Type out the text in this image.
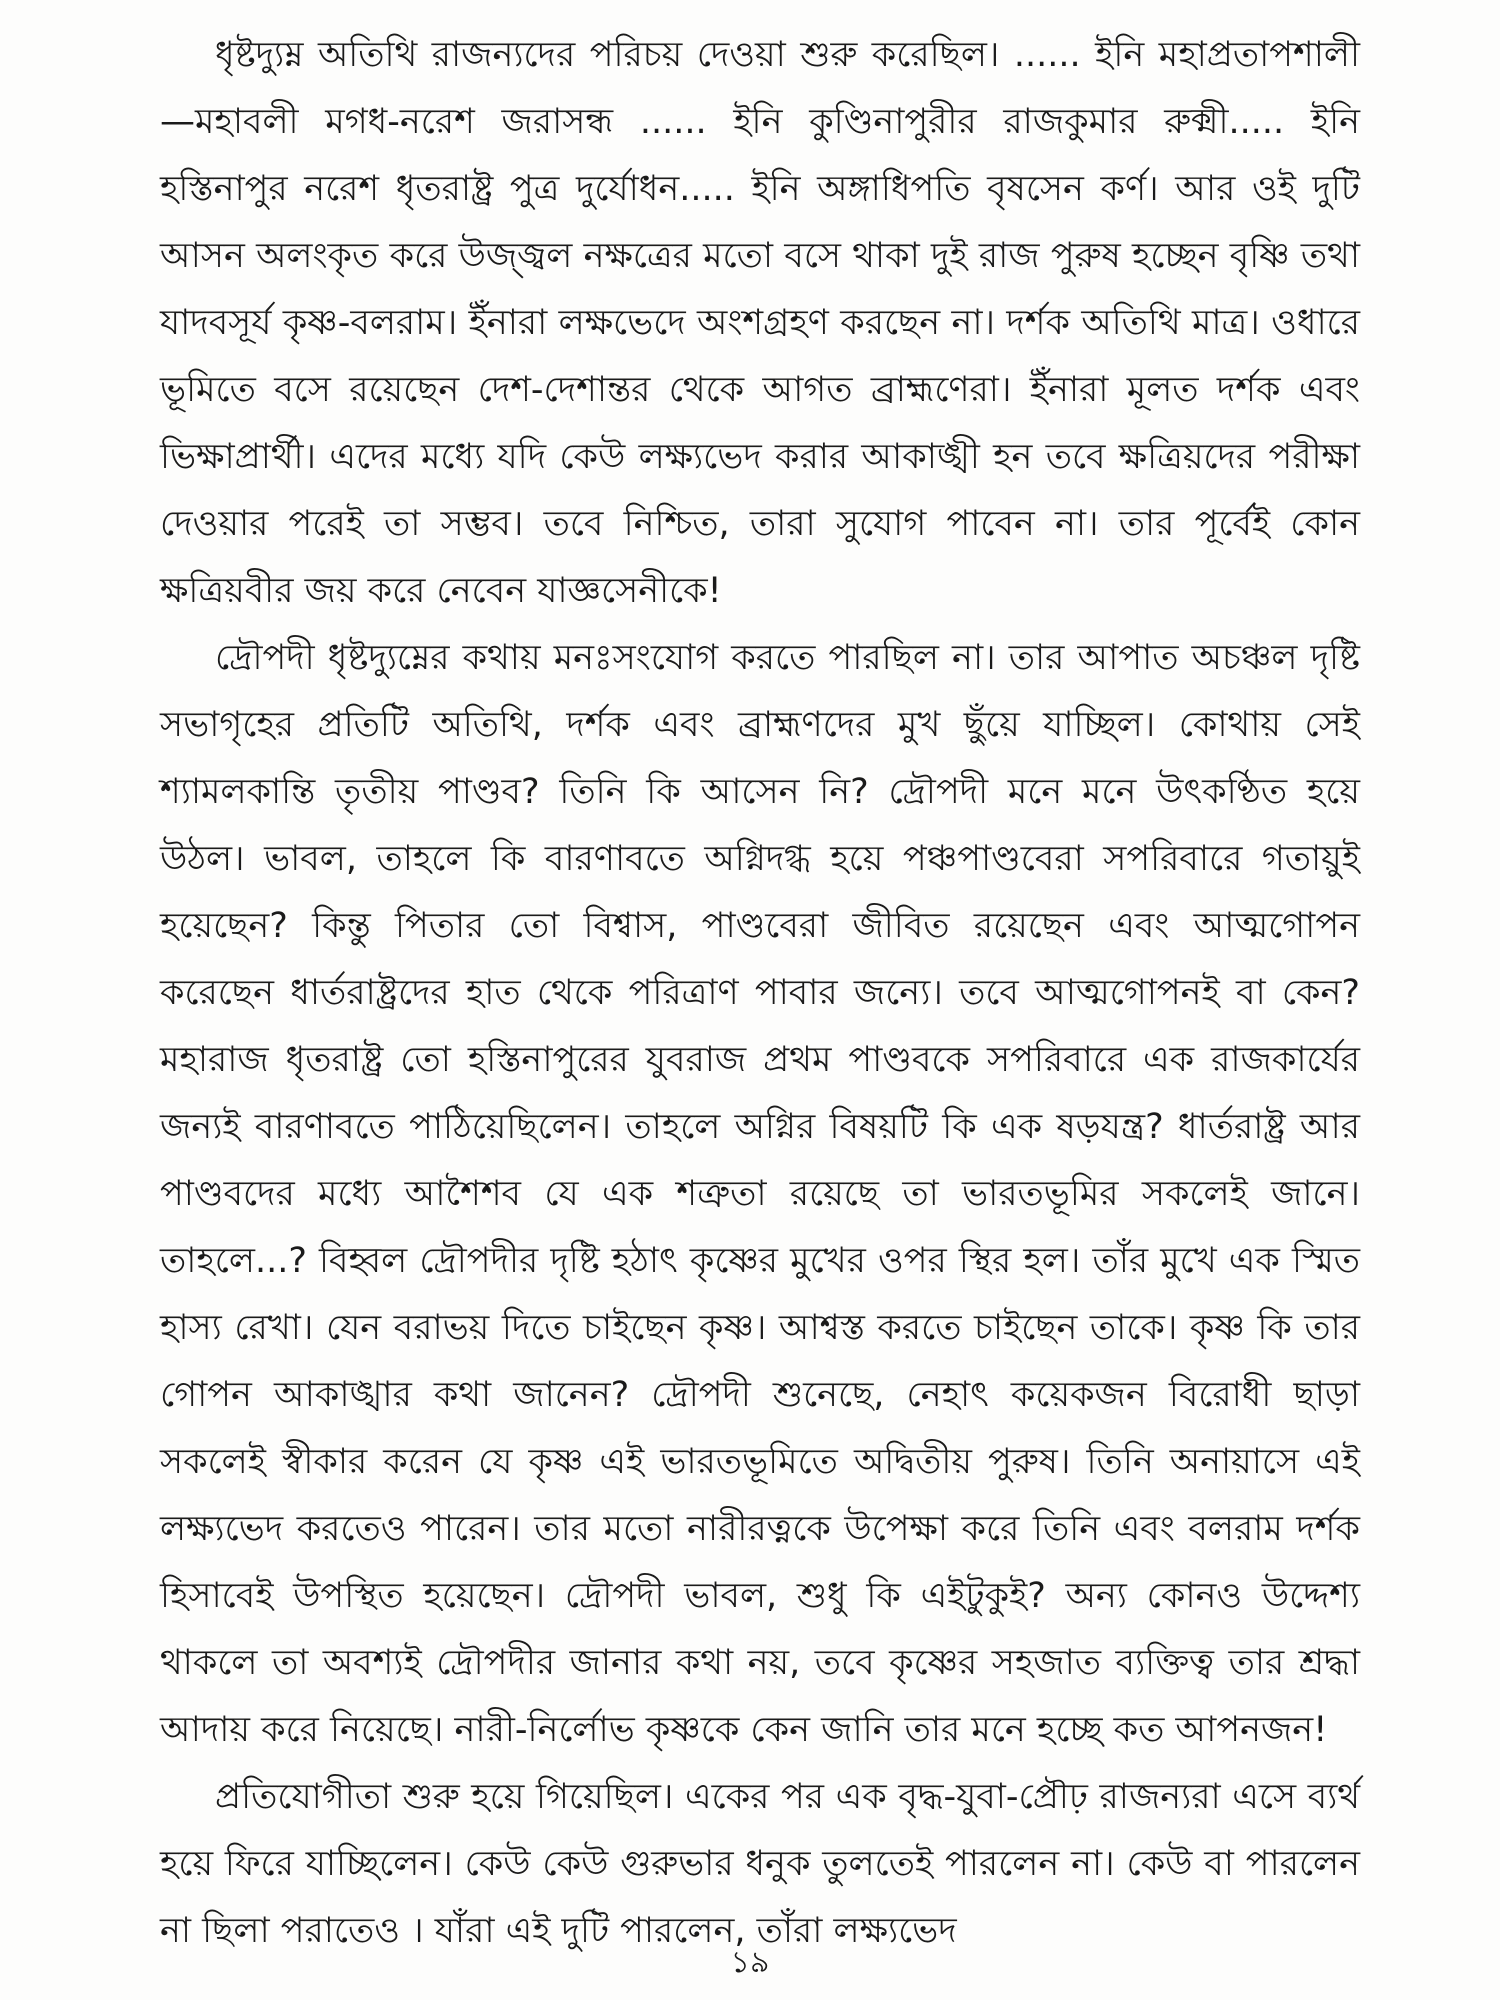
ধৃষ্টদ্যুম্ন অতিথি রাজন্যদের পরিচয় দেওয়া শুরু করেছিল। ...... ইনি মহাপ্রতাপশালী—মহাবলী মগধ-নরেশ জরাসন্ধ ...... ইনি কুণ্ডিনাপুরীর রাজকুমার রুক্মী..... ইনি হস্তিনাপুর নরেশ ধৃতরাষ্ট্র পুত্র দুর্যোধন..... ইনি অঙ্গাধিপতি বৃষসেন কর্ণ। আর ওই দুটি আসন অলংকৃত করে উজ্জ্বল নক্ষত্রের মতো বসে থাকা দুই রাজ পুরুষ হচ্ছেন বৃষ্ণি তথা যাদবসূর্য কৃষ্ণ-বলরাম। ইঁনারা লক্ষভেদে অংশগ্রহণ করছেন না। দর্শক অতিথি মাত্র। ওধারে ভূমিতে বসে রয়েছেন দেশ-দেশান্তর থেকে আগত ব্রাহ্মণেরা। ইঁনারা মূলত দর্শক এবং ভিক্ষাপ্রার্থী। এদের মধ্যে যদি কেউ লক্ষ্যভেদ করার আকাঙ্খী হন তবে ক্ষত্রিয়দের পরীক্ষা দেওয়ার পরেই তা সম্ভব। তবে নিশ্চিত, তারা সুযোগ পাবেন না। তার পূর্বেই কোন ক্ষত্রিয়বীর জয় করে নেবেন যাজ্ঞসেনীকে!

দ্রৌপদী ধৃষ্টদ্যুম্নের কথায় মনঃসংযোগ করতে পারছিল না। তার আপাত অচঞ্চল দৃষ্টি সভাগৃহের প্রতিটি অতিথি, দর্শক এবং ব্রাহ্মণদের মুখ ছুঁয়ে যাচ্ছিল। কোথায় সেই শ্যামলকান্তি তৃতীয় পাণ্ডব? তিনি কি আসেন নি? দ্রৌপদী মনে মনে উৎকণ্ঠিত হয়ে উঠল। ভাবল, তাহলে কি বারণাবতে অগ্নিদগ্ধ হয়ে পঞ্চপাণ্ডবেরা সপরিবারে গতায়ুই হয়েছেন? কিন্তু পিতার তো বিশ্বাস, পাণ্ডবেরা জীবিত রয়েছেন এবং আত্মগোপন করেছেন ধার্তরাষ্ট্রদের হাত থেকে পরিত্রাণ পাবার জন্যে। তবে আত্মগোপনই বা কেন? মহারাজ ধৃতরাষ্ট্র তো হস্তিনাপুরের যুবরাজ প্রথম পাণ্ডবকে সপরিবারে এক রাজকার্যের জন্যই বারণাবতে পাঠিয়েছিলেন। তাহলে অগ্নির বিষয়টি কি এক ষড়যন্ত্র? ধার্তরাষ্ট্র আর পাণ্ডবদের মধ্যে আশৈশব যে এক শত্রুতা রয়েছে তা ভারতভূমির সকলেই জানে। তাহলে...? বিহ্বল দ্রৌপদীর দৃষ্টি হঠাৎ কৃষ্ণের মুখের ওপর স্থির হল। তাঁর মুখে এক স্মিত হাস্য রেখা। যেন বরাভয় দিতে চাইছেন কৃষ্ণ। আশ্বস্ত করতে চাইছেন তাকে। কৃষ্ণ কি তার গোপন আকাঙ্খার কথা জানেন? দ্রৌপদী শুনেছে, নেহাৎ কয়েকজন বিরোধী ছাড়া সকলেই স্বীকার করেন যে কৃষ্ণ এই ভারতভূমিতে অদ্বিতীয় পুরুষ। তিনি অনায়াসে এই লক্ষ্যভেদ করতেও পারেন। তার মতো নারীরত্নকে উপেক্ষা করে তিনি এবং বলরাম দর্শক হিসাবেই উপস্থিত হয়েছেন। দ্রৌপদী ভাবল, শুধু কি এইটুকুই? অন্য কোনও উদ্দেশ্য থাকলে তা অবশ্যই দ্রৌপদীর জানার কথা নয়, তবে কৃষ্ণের সহজাত ব্যক্তিত্ব তার শ্রদ্ধা আদায় করে নিয়েছে। নারী-নির্লোভ কৃষ্ণকে কেন জানি তার মনে হচ্ছে কত আপনজন!

প্রতিযোগীতা শুরু হয়ে গিয়েছিল। একের পর এক বৃদ্ধ-যুবা-প্রৌঢ় রাজন্যরা এসে ব্যর্থ হয়ে ফিরে যাচ্ছিলেন। কেউ কেউ গুরুভার ধনুক তুলতেই পারলেন না। কেউ বা পারলেন না ছিলা পরাতেও । যাঁরা এই দুটি পারলেন, তাঁরা লক্ষ্যভেদ

১৯
